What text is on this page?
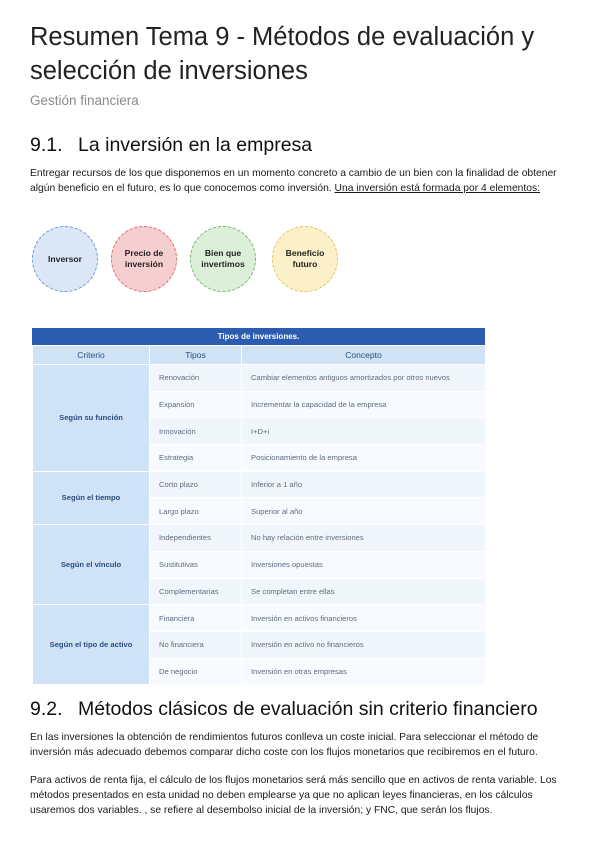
Resumen Tema 9 - Métodos de evaluación y selección de inversiones

Gestión financiera

9.1. La inversión en la empresa

Entregar recursos de los que disponemos en un momento concreto a cambio de un bien con la finalidad de obtener algún beneficio en el futuro, es lo que conocemos como inversión. Una inversión está formada por 4 elementos:

Inversor
Precio de inversión
Bien que invertimos
Beneficio futuro
Tipos de inversiones.
Criterio	Tipos	Concepto
Según su función	Renovación	Cambiar elementos antiguos amortizados por otros nuevos
	Expansión	Incrementar la capacidad de la empresa
	Innovación	I+D+i
	Estrategia	Posicionamiento de la empresa
Según el tiempo	Corto plazo	Inferior a 1 año
	Largo plazo	Superior al año
Según el vínculo	Independientes	No hay relación entre inversiones
	Sustitutivas	Inversiones opuestas
	Complementarias	Se completan entre ellas
Según el tipo de activo	Financiera	Inversión en activos financieros
	No financiera	Inversión en activo no financieros
	De negocio	Inversión en otras empresas
9.2. Métodos clásicos de evaluación sin criterio financiero

En las inversiones la obtención de rendimientos futuros conlleva un coste inicial. Para seleccionar el método de inversión más adecuado debemos comparar dicho coste con los flujos monetarios que recibiremos en el futuro.

Para activos de renta fija, el cálculo de los flujos monetarios será más sencillo que en activos de renta variable. Los métodos presentados en esta unidad no deben emplearse ya que no aplican leyes financieras, en los cálculos usaremos dos variables. , se refiere al desembolso inicial de la inversión; y FNC, que serán los flujos.
